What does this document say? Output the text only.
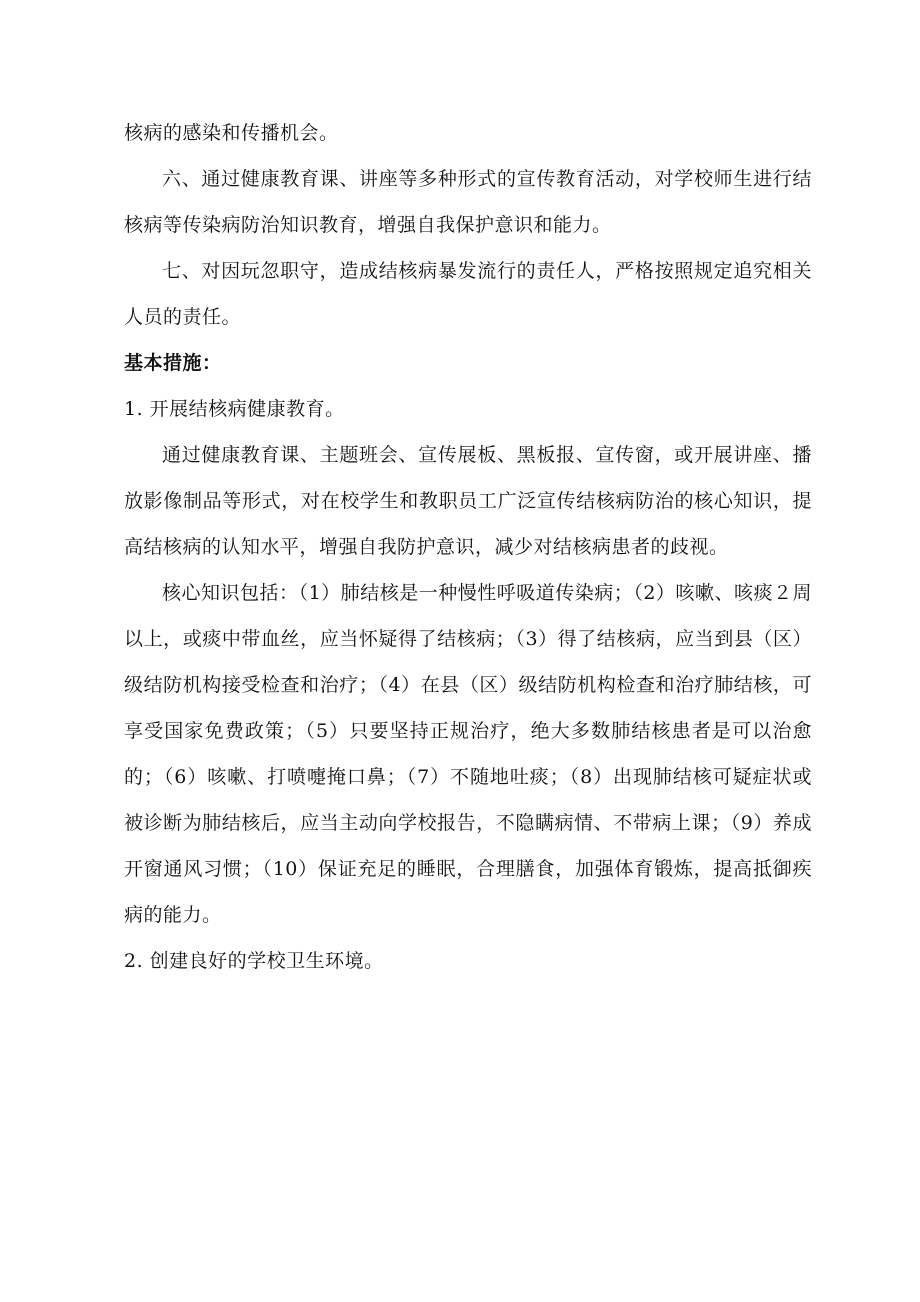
核病的感染和传播机会。

六、通过健康教育课、讲座等多种形式的宣传教育活动，对学校师生进行结核病等传染病防治知识教育，增强自我保护意识和能力。

七、对因玩忽职守，造成结核病暴发流行的责任人，严格按照规定追究相关人员的责任。

基本措施：

1. 开展结核病健康教育。

通过健康教育课、主题班会、宣传展板、黑板报、宣传窗，或开展讲座、播放影像制品等形式，对在校学生和教职员工广泛宣传结核病防治的核心知识，提高结核病的认知水平，增强自我防护意识，减少对结核病患者的歧视。

核心知识包括：（1）肺结核是一种慢性呼吸道传染病；（2）咳嗽、咳痰２周以上，或痰中带血丝，应当怀疑得了结核病；（3）得了结核病，应当到县（区）级结防机构接受检查和治疗；（4）在县（区）级结防机构检查和治疗肺结核，可享受国家免费政策；（5）只要坚持正规治疗，绝大多数肺结核患者是可以治愈的；（6）咳嗽、打喷嚏掩口鼻；（7）不随地吐痰；（8）出现肺结核可疑症状或被诊断为肺结核后，应当主动向学校报告，不隐瞒病情、不带病上课；（9）养成开窗通风习惯；（10）保证充足的睡眠，合理膳食，加强体育锻炼，提高抵御疾病的能力。

2. 创建良好的学校卫生环境。
